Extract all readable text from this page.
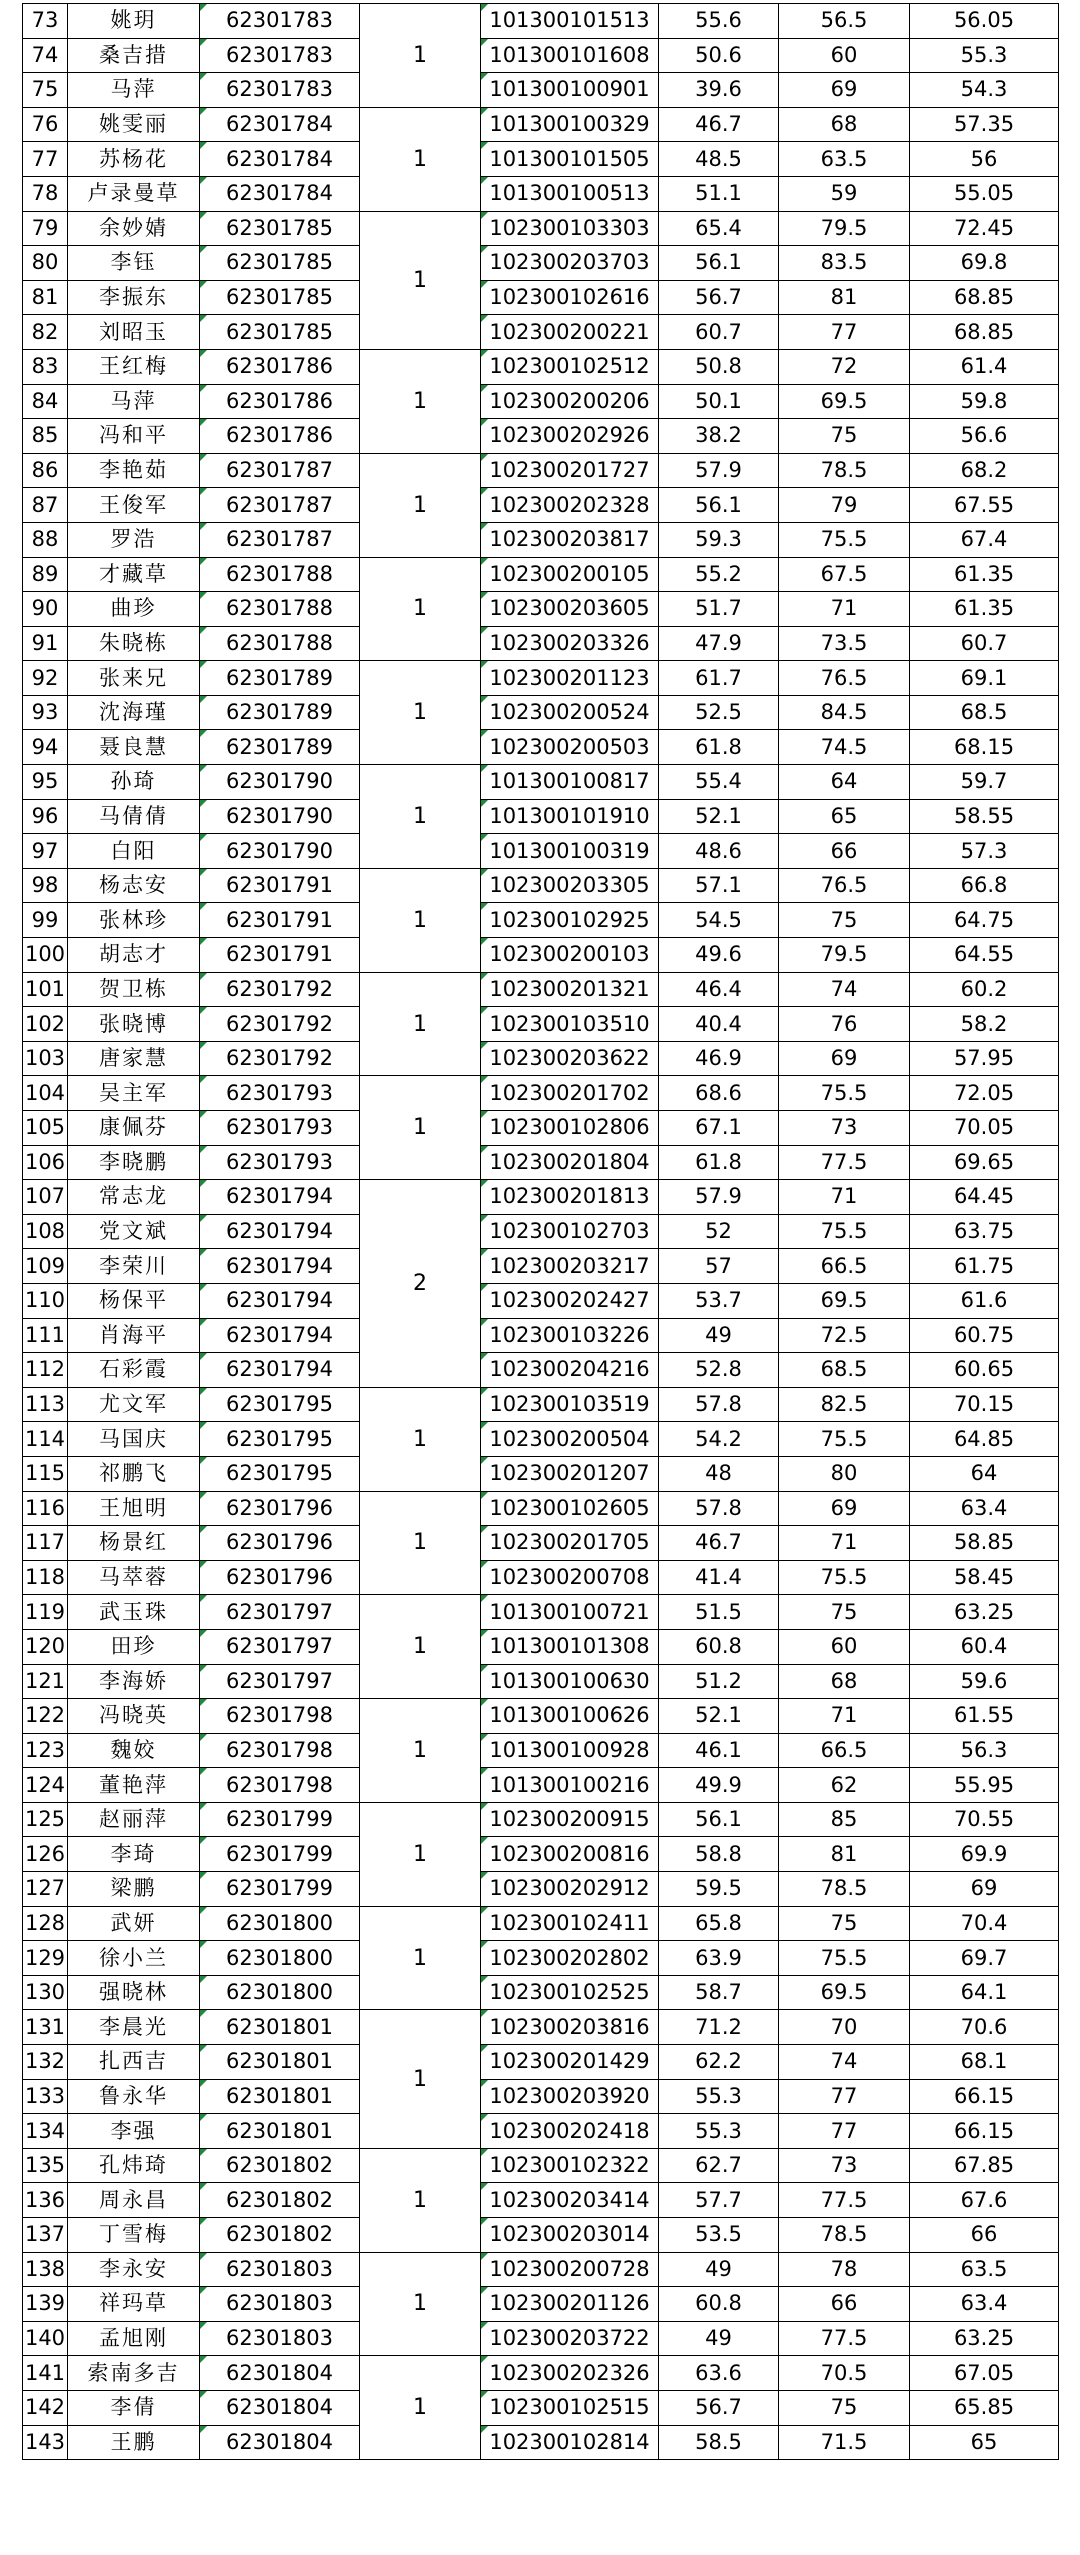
73	姚玥	62301783	1	101300101513	55.6	56.5	56.05
74	桑吉措	62301783		101300101608	50.6	60	55.3
75	马萍	62301783		101300100901	39.6	69	54.3
76	姚雯丽	62301784	1	101300100329	46.7	68	57.35
77	苏杨花	62301784		101300101505	48.5	63.5	56
78	卢录曼草	62301784		101300100513	51.1	59	55.05
79	余妙婧	62301785	1	102300103303	65.4	79.5	72.45
80	李钰	62301785		102300203703	56.1	83.5	69.8
81	李振东	62301785		102300102616	56.7	81	68.85
82	刘昭玉	62301785		102300200221	60.7	77	68.85
83	王红梅	62301786	1	102300102512	50.8	72	61.4
84	马萍	62301786		102300200206	50.1	69.5	59.8
85	冯和平	62301786		102300202926	38.2	75	56.6
86	李艳茹	62301787	1	102300201727	57.9	78.5	68.2
87	王俊军	62301787		102300202328	56.1	79	67.55
88	罗浩	62301787		102300203817	59.3	75.5	67.4
89	才藏草	62301788	1	102300200105	55.2	67.5	61.35
90	曲珍	62301788		102300203605	51.7	71	61.35
91	朱晓栋	62301788		102300203326	47.9	73.5	60.7
92	张来兄	62301789	1	102300201123	61.7	76.5	69.1
93	沈海瑾	62301789		102300200524	52.5	84.5	68.5
94	聂良慧	62301789		102300200503	61.8	74.5	68.15
95	孙琦	62301790	1	101300100817	55.4	64	59.7
96	马倩倩	62301790		101300101910	52.1	65	58.55
97	白阳	62301790		101300100319	48.6	66	57.3
98	杨志安	62301791	1	102300203305	57.1	76.5	66.8
99	张林珍	62301791		102300102925	54.5	75	64.75
100	胡志才	62301791		102300200103	49.6	79.5	64.55
101	贺卫栋	62301792	1	102300201321	46.4	74	60.2
102	张晓博	62301792		102300103510	40.4	76	58.2
103	唐家慧	62301792		102300203622	46.9	69	57.95
104	吴主军	62301793	1	102300201702	68.6	75.5	72.05
105	康佩芬	62301793		102300102806	67.1	73	70.05
106	李晓鹏	62301793		102300201804	61.8	77.5	69.65
107	常志龙	62301794	2	102300201813	57.9	71	64.45
108	党文斌	62301794		102300102703	52	75.5	63.75
109	李荣川	62301794		102300203217	57	66.5	61.75
110	杨保平	62301794		102300202427	53.7	69.5	61.6
111	肖海平	62301794		102300103226	49	72.5	60.75
112	石彩霞	62301794		102300204216	52.8	68.5	60.65
113	尤文军	62301795	1	102300103519	57.8	82.5	70.15
114	马国庆	62301795		102300200504	54.2	75.5	64.85
115	祁鹏飞	62301795		102300201207	48	80	64
116	王旭明	62301796	1	102300102605	57.8	69	63.4
117	杨景红	62301796		102300201705	46.7	71	58.85
118	马萃蓉	62301796		102300200708	41.4	75.5	58.45
119	武玉珠	62301797	1	101300100721	51.5	75	63.25
120	田珍	62301797		101300101308	60.8	60	60.4
121	李海娇	62301797		101300100630	51.2	68	59.6
122	冯晓英	62301798	1	101300100626	52.1	71	61.55
123	魏姣	62301798		101300100928	46.1	66.5	56.3
124	董艳萍	62301798		101300100216	49.9	62	55.95
125	赵丽萍	62301799	1	102300200915	56.1	85	70.55
126	李琦	62301799		102300200816	58.8	81	69.9
127	梁鹏	62301799		102300202912	59.5	78.5	69
128	武妍	62301800	1	102300102411	65.8	75	70.4
129	徐小兰	62301800		102300202802	63.9	75.5	69.7
130	强晓林	62301800		102300102525	58.7	69.5	64.1
131	李晨光	62301801	1	102300203816	71.2	70	70.6
132	扎西吉	62301801		102300201429	62.2	74	68.1
133	鲁永华	62301801		102300203920	55.3	77	66.15
134	李强	62301801		102300202418	55.3	77	66.15
135	孔炜琦	62301802	1	102300102322	62.7	73	67.85
136	周永昌	62301802		102300203414	57.7	77.5	67.6
137	丁雪梅	62301802		102300203014	53.5	78.5	66
138	李永安	62301803	1	102300200728	49	78	63.5
139	祥玛草	62301803		102300201126	60.8	66	63.4
140	孟旭刚	62301803		102300203722	49	77.5	63.25
141	索南多吉	62301804	1	102300202326	63.6	70.5	67.05
142	李倩	62301804		102300102515	56.7	75	65.85
143	王鹏	62301804		102300102814	58.5	71.5	65
